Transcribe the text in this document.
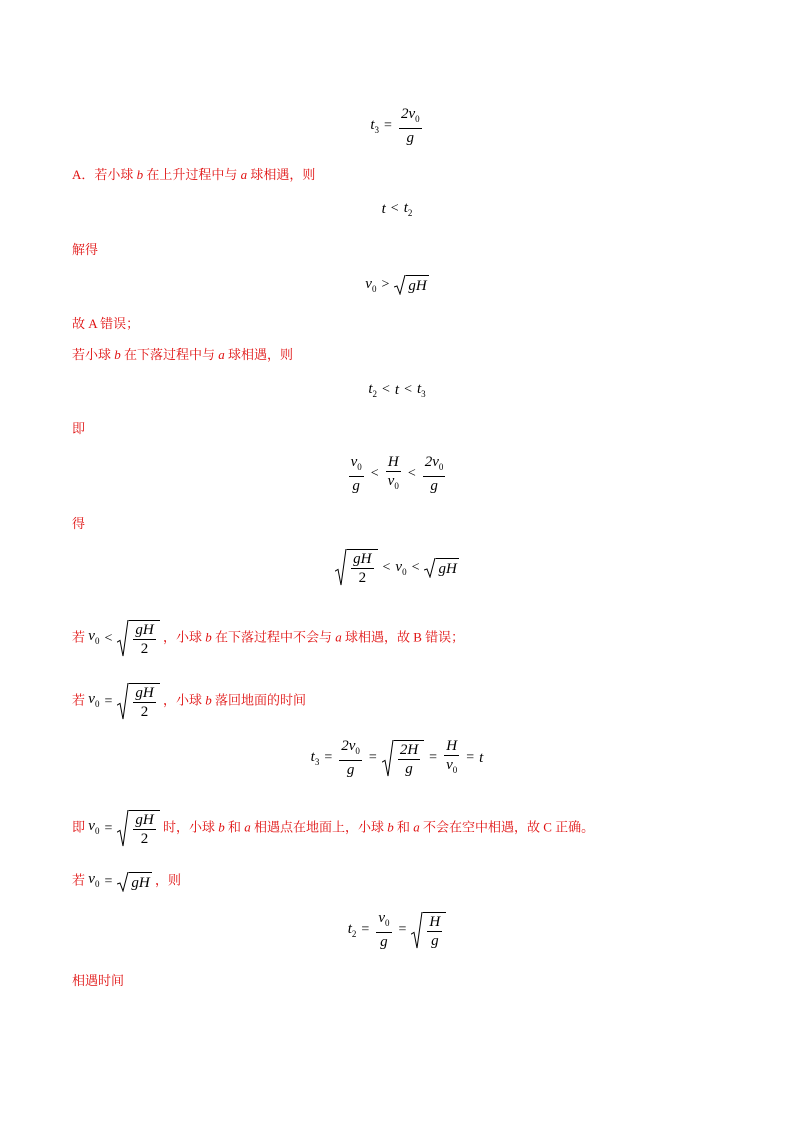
$t_3 = \frac{2v_0}{g}$
A．若小球 b 在上升过程中与 a 球相遇，则
$t < t_2$
解得
$v_0$ > gH
故 A 错误；
若小球 b 在下落过程中与 a 球相遇，则
$t_2 < t < t_3$
即
$\frac{v_0}{g} < \frac{H}{v_0} < \frac{2v_0}{g}$
得
$\frac{gH}{2} < v_0$ < gH
若 $v_0 < \frac{gH}{2}$ ，小球 b 在下落过程中不会与 a 球相遇，故 B 错误；
若 $v_0 = \frac{gH}{2}$ ，小球 b 落回地面的时间
$t_3 = \frac{2v_0}{g} = \frac{2H}{g} = \frac{H}{v_0} = t$
即 $v_0 = \frac{gH}{2}$ 时，小球 b 和 a 相遇点在地面上，小球 b 和 a 不会在空中相遇，故 C 正确。
若 $v_0$ = gH ，则
$t_2 = \frac{v_0}{g} = \frac{H}{g}$
相遇时间
